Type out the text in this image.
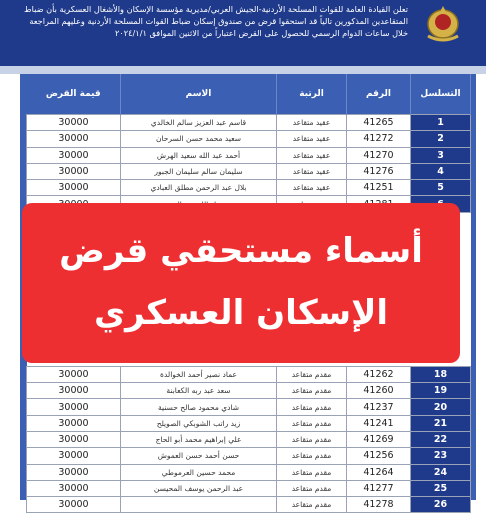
تعلن القيادة العامة للقوات المسلحة الأردنية-الجيش العربي/مديرية مؤسسة الإسكان والأشغال العسكرية بأن ضباط
المتقاعدين المذكورين تالياً قد استحقوا قرض من صندوق إسكان ضباط القوات المسلحة الأردنية وعليهم المراجعة
خلال ساعات الدوام الرسمي للحصول على القرض اعتباراً من الاثنين الموافق ٢٠٢٤/١/١
التسلسل	الرقم	الرتبة	الاسم	قيمة القرض
1	41265	عقيد متقاعد	قاسم عبد العزيز سالم الخالدي	30000
2	41272	عقيد متقاعد	سعيد محمد حسن السرحان	30000
3	41270	عقيد متقاعد	أحمد عبد الله سعيد الهرش	30000
4	41276	عقيد متقاعد	سليمان سالم سليمان الجبور	30000
5	41251	عقيد متقاعد	بلال عبد الرحمن مطلق العبادي	30000

18	41262	مقدم متقاعد	عماد نصير أحمد الخوالدة	30000
19	41260	مقدم متقاعد	سعد عبد ربه الكعابنة	30000
20	41237	مقدم متقاعد	شادي محمود صالح حسنية	30000
21	41241	مقدم متقاعد	زيد راتب الشوبكي الصويلح	30000
22	41269	مقدم متقاعد	علي إبراهيم محمد أبو الحاج	30000
23	41256	مقدم متقاعد	حسن أحمد حسن العموش	30000
24	41264	مقدم متقاعد	محمد حسين العرموطي	30000
25	41277	مقدم متقاعد	عبد الرحمن يوسف المحيسن	30000
26	41278	مقدم متقاعد		30000
أسماء مستحقي قرض
الإسكان العسكري
